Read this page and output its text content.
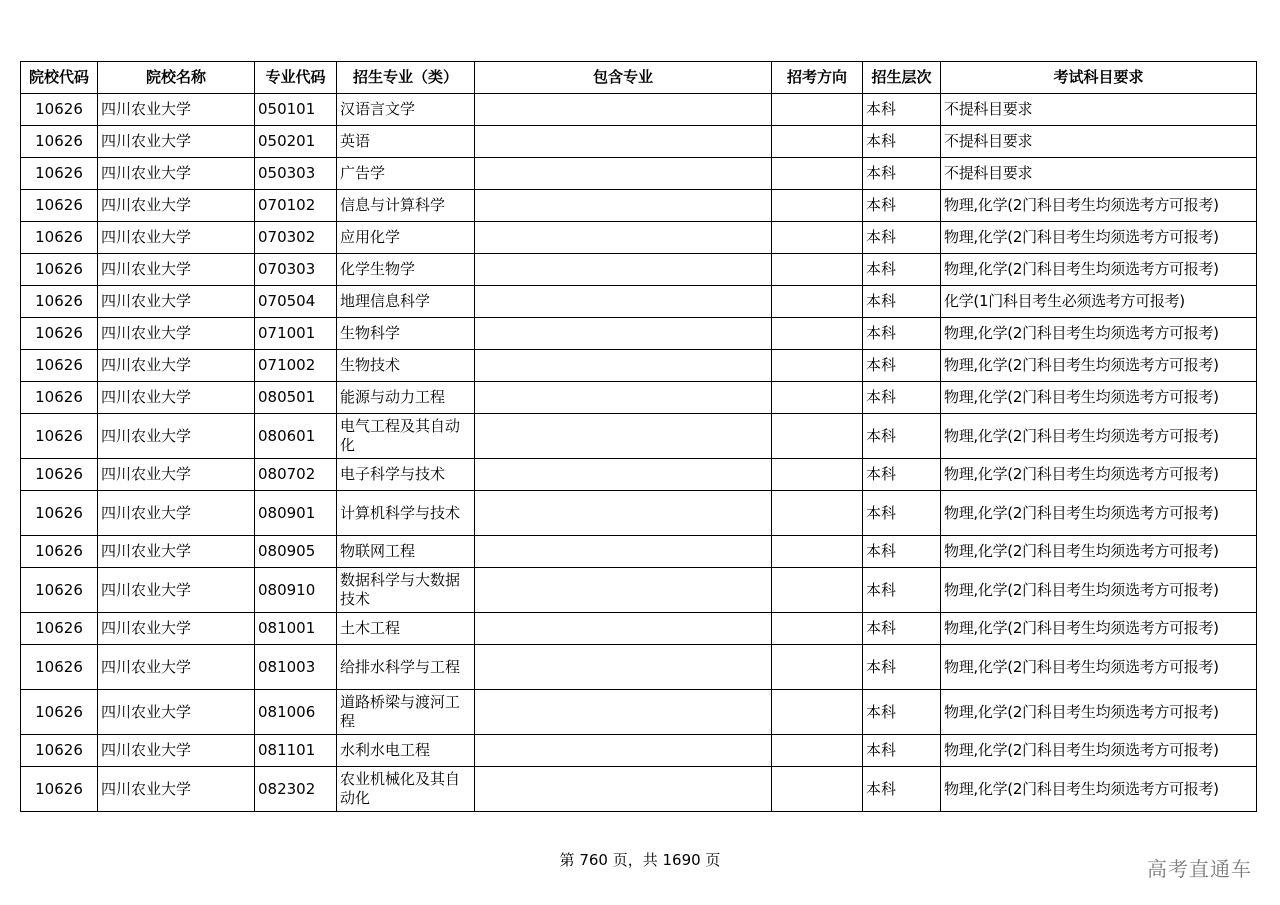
院校代码	院校名称	专业代码	招生专业（类）	包含专业	招考方向	招生层次	考试科目要求
10626	四川农业大学	050101	汉语言文学			本科	不提科目要求
10626	四川农业大学	050201	英语			本科	不提科目要求
10626	四川农业大学	050303	广告学			本科	不提科目要求
10626	四川农业大学	070102	信息与计算科学			本科	物理,化学(2门科目考生均须选考方可报考)
10626	四川农业大学	070302	应用化学			本科	物理,化学(2门科目考生均须选考方可报考)
10626	四川农业大学	070303	化学生物学			本科	物理,化学(2门科目考生均须选考方可报考)
10626	四川农业大学	070504	地理信息科学			本科	化学(1门科目考生必须选考方可报考)
10626	四川农业大学	071001	生物科学			本科	物理,化学(2门科目考生均须选考方可报考)
10626	四川农业大学	071002	生物技术			本科	物理,化学(2门科目考生均须选考方可报考)
10626	四川农业大学	080501	能源与动力工程			本科	物理,化学(2门科目考生均须选考方可报考)
10626	四川农业大学	080601	电气工程及其自动化			本科	物理,化学(2门科目考生均须选考方可报考)
10626	四川农业大学	080702	电子科学与技术			本科	物理,化学(2门科目考生均须选考方可报考)
10626	四川农业大学	080901	计算机科学与技术			本科	物理,化学(2门科目考生均须选考方可报考)
10626	四川农业大学	080905	物联网工程			本科	物理,化学(2门科目考生均须选考方可报考)
10626	四川农业大学	080910	数据科学与大数据技术			本科	物理,化学(2门科目考生均须选考方可报考)
10626	四川农业大学	081001	土木工程			本科	物理,化学(2门科目考生均须选考方可报考)
10626	四川农业大学	081003	给排水科学与工程			本科	物理,化学(2门科目考生均须选考方可报考)
10626	四川农业大学	081006	道路桥梁与渡河工程			本科	物理,化学(2门科目考生均须选考方可报考)
10626	四川农业大学	081101	水利水电工程			本科	物理,化学(2门科目考生均须选考方可报考)
10626	四川农业大学	082302	农业机械化及其自动化			本科	物理,化学(2门科目考生均须选考方可报考)
第 760 页，共 1690 页	高考直通车
